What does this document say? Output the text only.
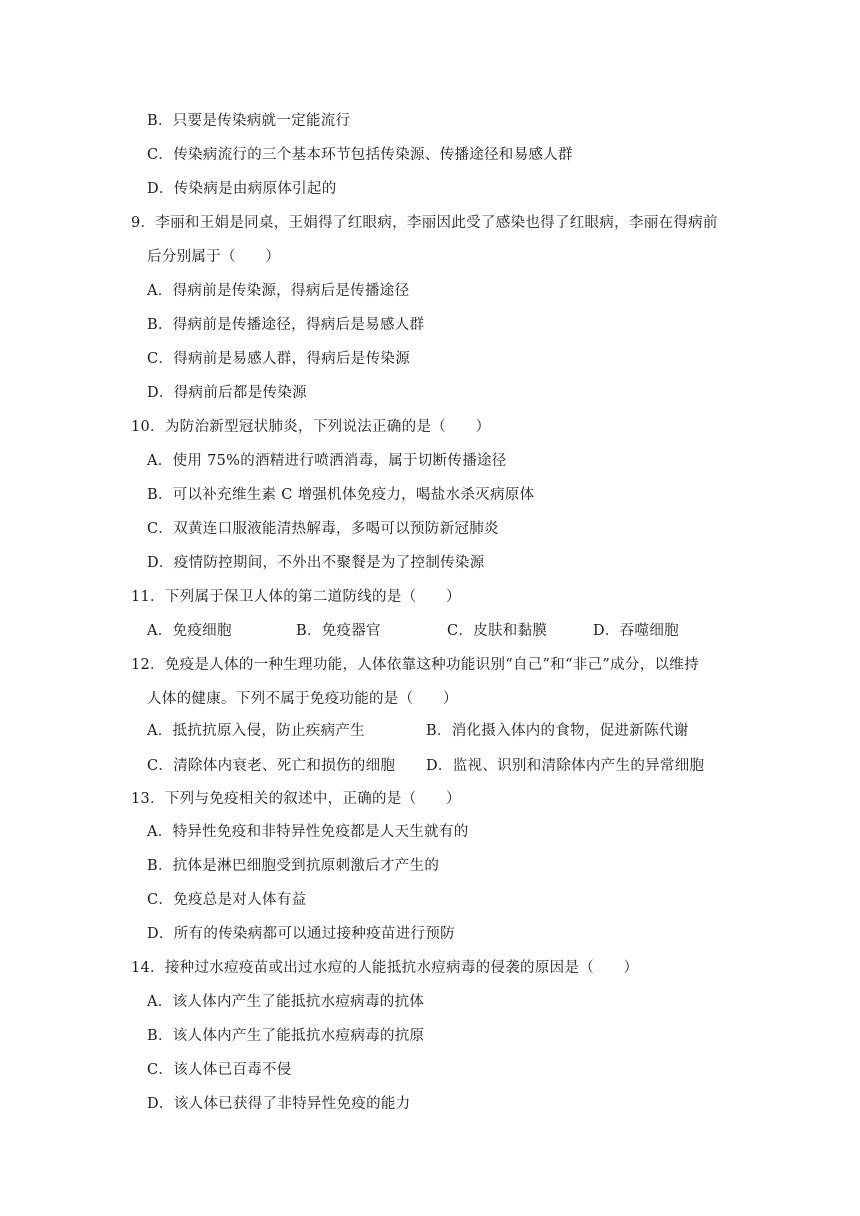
B．只要是传染病就一定能流行
C．传染病流行的三个基本环节包括传染源、传播途径和易感人群
D．传染病是由病原体引起的
9．李丽和王娟是同桌，王娟得了红眼病，李丽因此受了感染也得了红眼病，李丽在得病前
后分别属于（　　）
A．得病前是传染源，得病后是传播途径
B．得病前是传播途径，得病后是易感人群
C．得病前是易感人群，得病后是传染源
D．得病前后都是传染源
10．为防治新型冠状肺炎，下列说法正确的是（　　）
A．使用 75%的酒精进行喷洒消毒，属于切断传播途径
B．可以补充维生素 C 增强机体免疫力，喝盐水杀灭病原体
C．双黄连口服液能清热解毒，多喝可以预防新冠肺炎
D．疫情防控期间，不外出不聚餐是为了控制传染源
11．下列属于保卫人体的第二道防线的是（　　）
A．免疫细胞	B．免疫器官	C．皮肤和黏膜	D．吞噬细胞
12．免疫是人体的一种生理功能，人体依靠这种功能识别“自己”和“非己”成分，以维持
人体的健康。下列不属于免疫功能的是（　　）
A．抵抗抗原入侵，防止疾病产生	B．消化摄入体内的食物，促进新陈代谢
C．清除体内衰老、死亡和损伤的细胞 D．监视、识别和清除体内产生的异常细胞
13．下列与免疫相关的叙述中，正确的是（　　）
A．特异性免疫和非特异性免疫都是人天生就有的
B．抗体是淋巴细胞受到抗原刺激后才产生的
C．免疫总是对人体有益
D．所有的传染病都可以通过接种疫苗进行预防
14．接种过水痘疫苗或出过水痘的人能抵抗水痘病毒的侵袭的原因是（　　）
A．该人体内产生了能抵抗水痘病毒的抗体
B．该人体内产生了能抵抗水痘病毒的抗原
C．该人体已百毒不侵
D．该人体已获得了非特异性免疫的能力
